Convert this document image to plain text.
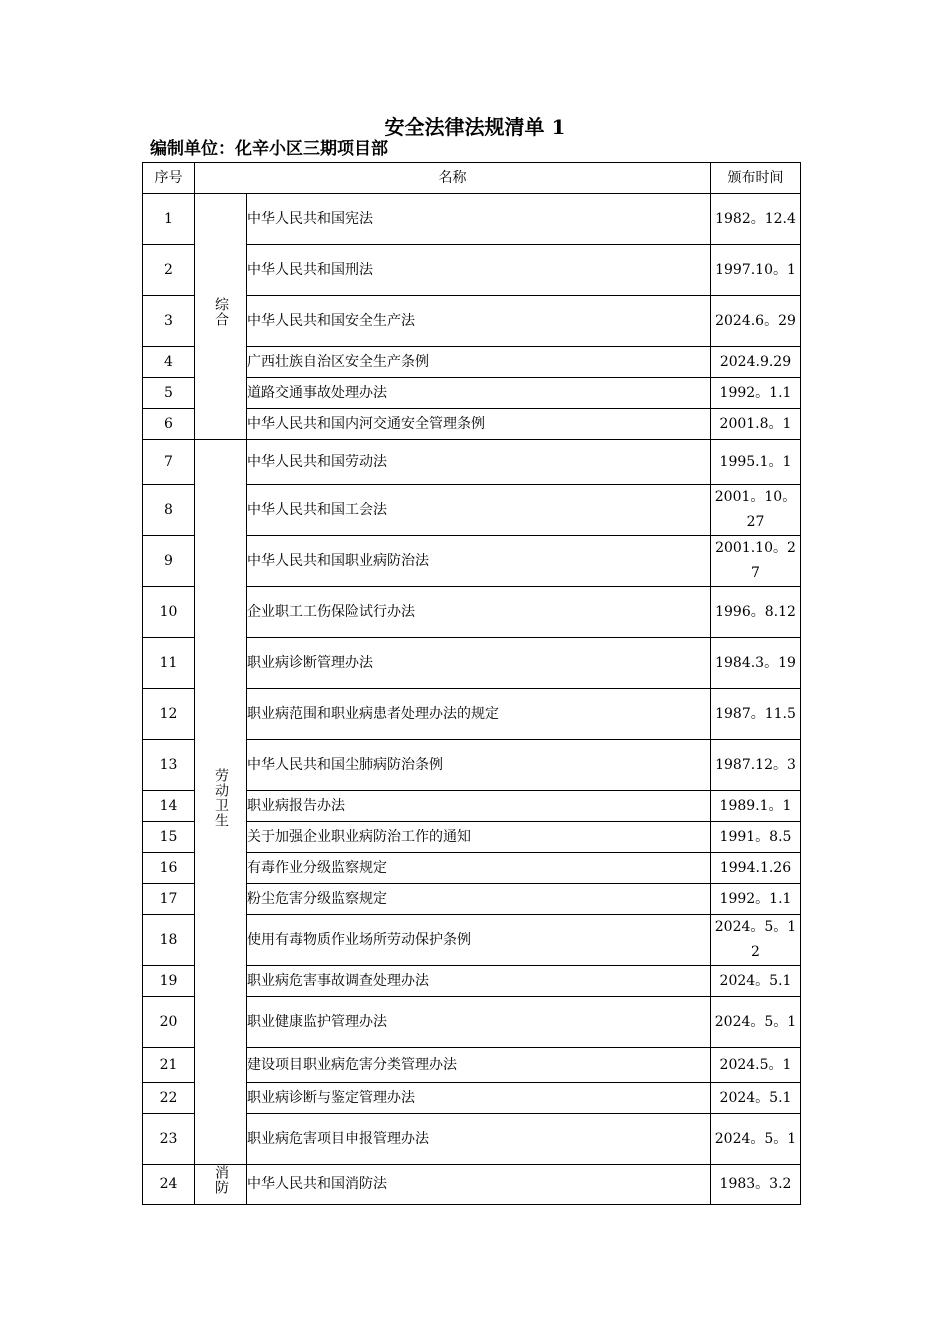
安全法律法规清单 1
编制单位：化辛小区三期项目部
序号	名称		颁布时间
1	综合	中华人民共和国宪法	1982。12.4
2		中华人民共和国刑法	1997.10。1
3		中华人民共和国安全生产法	2024.6。29
4		广西壮族自治区安全生产条例	2024.9.29
5		道路交通事故处理办法	1992。1.1
6		中华人民共和国内河交通安全管理条例	2001.8。1
7	劳动卫生	中华人民共和国劳动法	1995.1。1
8		中华人民共和国工会法	2001。10。27
9		中华人民共和国职业病防治法	2001.10。27
10		企业职工工伤保险试行办法	1996。8.12
11		职业病诊断管理办法	1984.3。19
12		职业病范围和职业病患者处理办法的规定	1987。11.5
13		中华人民共和国尘肺病防治条例	1987.12。3
14		职业病报告办法	1989.1。1
15		关于加强企业职业病防治工作的通知	1991。8.5
16		有毒作业分级监察规定	1994.1.26
17		粉尘危害分级监察规定	1992。1.1
18		使用有毒物质作业场所劳动保护条例	2024。5。12
19		职业病危害事故调查处理办法	2024。5.1
20		职业健康监护管理办法	2024。5。1
21		建设项目职业病危害分类管理办法	2024.5。1
22		职业病诊断与鉴定管理办法	2024。5.1
23		职业病危害项目申报管理办法	2024。5。1
24	消防	中华人民共和国消防法	1983。3.2
